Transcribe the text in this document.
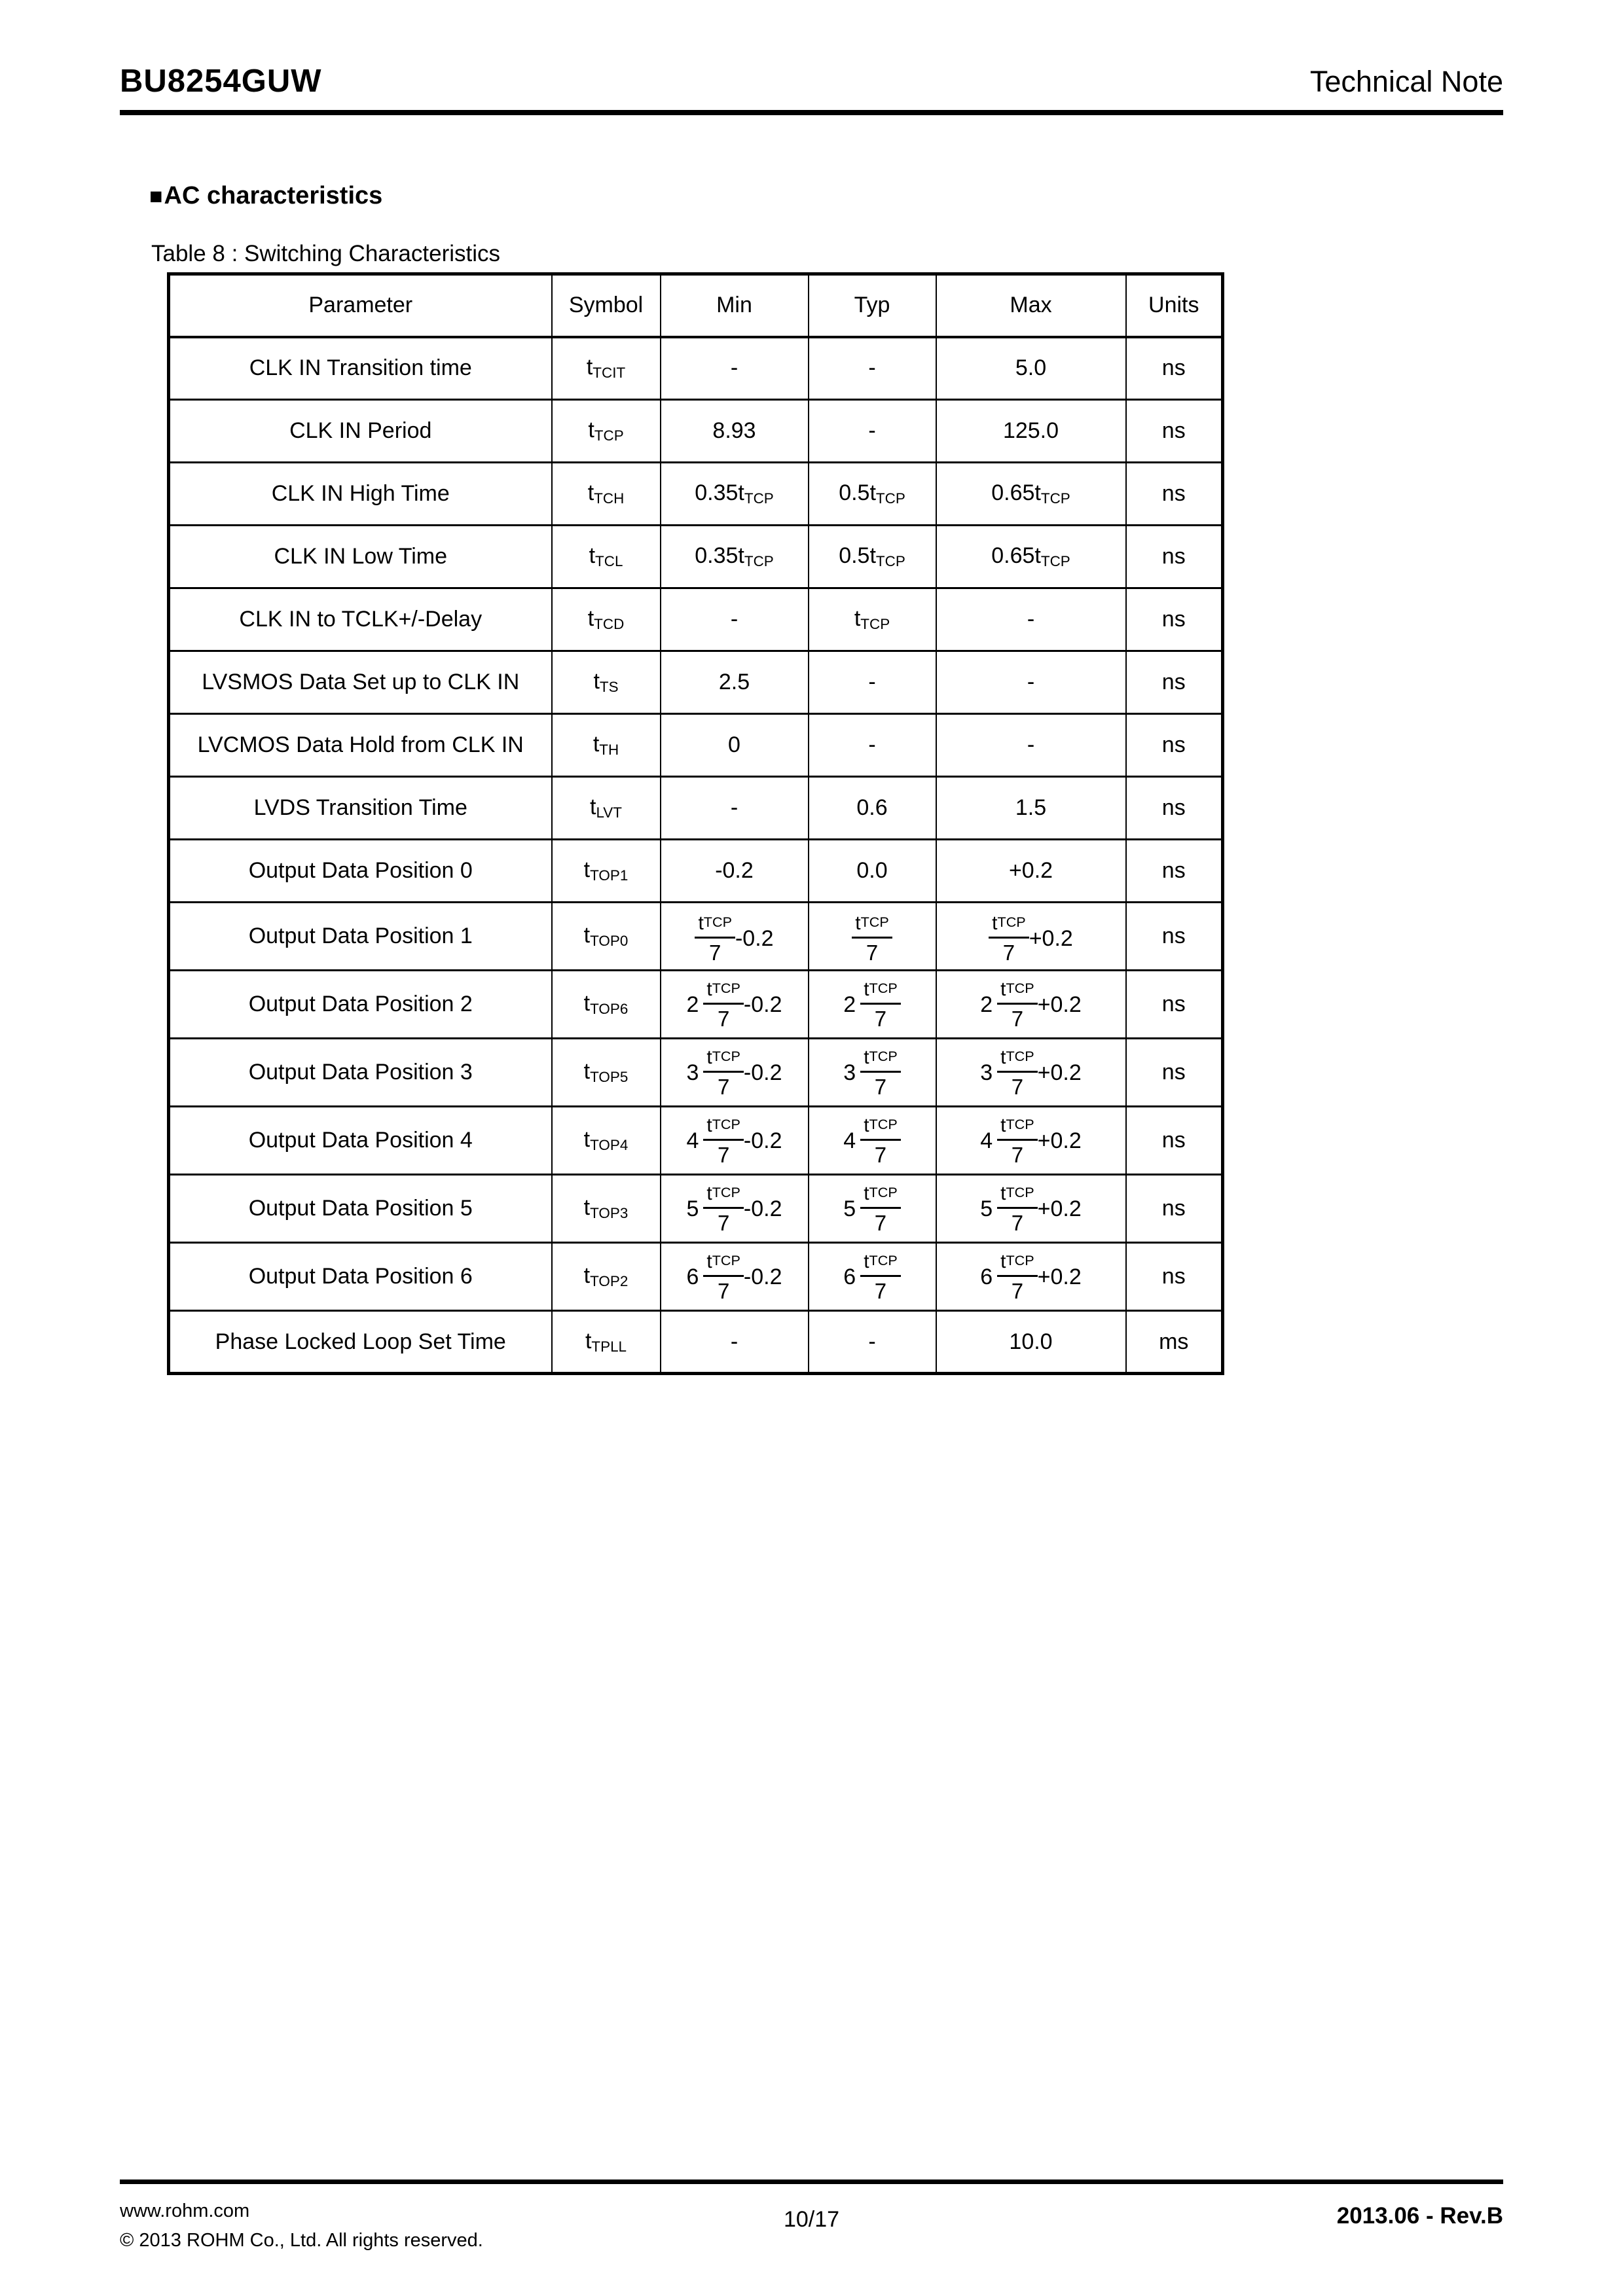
BU8254GUW	Technical Note
■AC characteristics
Table 8 : Switching Characteristics
Parameter	Symbol	Min	Typ	Max	Units
CLK IN Transition time	$t_{TCIT}$	-	-	5.0	ns
CLK IN Period	$t_{TCP}$	8.93	-	125.0	ns
CLK IN High Time	$t_{TCH}$	$0.35t_{TCP}$	$0.5t_{TCP}$	$0.65t_{TCP}$	ns
CLK IN Low Time	$t_{TCL}$	$0.35t_{TCP}$	$0.5t_{TCP}$	$0.65t_{TCP}$	ns
CLK IN to TCLK+/-Delay	$t_{TCD}$	-	$t_{TCP}$	-	ns
LVSMOS Data Set up to CLK IN	$t_{TS}$	2.5	-	-	ns
LVCMOS Data Hold from CLK IN	$t_{TH}$	0	-	-	ns
LVDS Transition Time	$t_{LVT}$	-	0.6	1.5	ns
Output Data Position 0	$t_{TOP1}$	-0.2	0.0	+0.2	ns
Output Data Position 1	$t_{TOP0}$	$\frac{\text{tTCP}}{7} -0.2$	$\frac{\text{tTCP}}{7}$	$\frac{\text{tTCP}}{7} +0.2$	ns
Output Data Position 2	$t_{TOP6}$	$2 \frac{\text{tTCP}}{7} -0.2$	$2 \frac{\text{tTCP}}{7}$	$2 \frac{\text{tTCP}}{7} +0.2$	ns
Output Data Position 3	$t_{TOP5}$	$3 \frac{\text{tTCP}}{7} -0.2$	$3 \frac{\text{tTCP}}{7}$	$3 \frac{\text{tTCP}}{7} +0.2$	ns
Output Data Position 4	$t_{TOP4}$	$4 \frac{\text{tTCP}}{7} -0.2$	$4 \frac{\text{tTCP}}{7}$	$4 \frac{\text{tTCP}}{7} +0.2$	ns
Output Data Position 5	$t_{TOP3}$	$5 \frac{\text{tTCP}}{7} -0.2$	$5 \frac{\text{tTCP}}{7}$	$5 \frac{\text{tTCP}}{7} +0.2$	ns
Output Data Position 6	$t_{TOP2}$	$6 \frac{\text{tTCP}}{7} -0.2$	$6 \frac{\text{tTCP}}{7}$	$6 \frac{\text{tTCP}}{7} +0.2$	ns
Phase Locked Loop Set Time	$t_{TPLL}$	-	-	10.0	ms
www.rohm.com
© 2013 ROHM Co., Ltd. All rights reserved.
10/17	2013.06 - Rev.B
